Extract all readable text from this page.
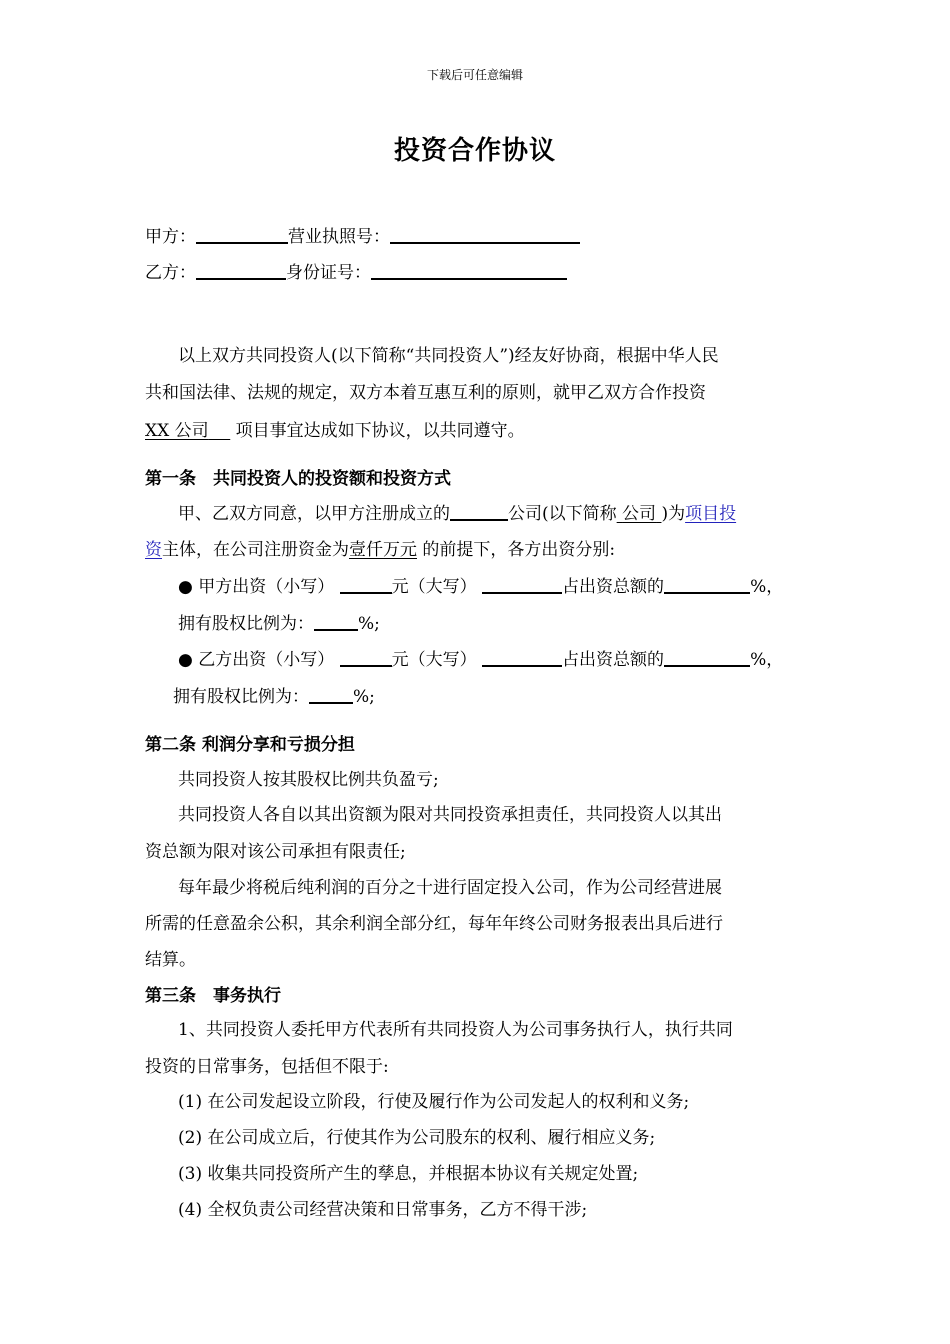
下载后可任意编辑
投资合作协议
甲方：	营业执照号：
乙方：	身份证号：
以上双方共同投资人(以下简称“共同投资人”)经友好协商，根据中华人民
共和国法律、法规的规定，双方本着互惠互利的原则，就甲乙双方合作投资
XX 公司 项目事宜达成如下协议，以共同遵守。
第一条　共同投资人的投资额和投资方式
甲、乙双方同意，以甲方注册成立的	公司(以下简称 公司 )为项目投
资主体，在公司注册资金为壹仟万元 的前提下，各方出资分别:
● 甲方出资（小写）	元（大写）	占出资总额的	%，
拥有股权比例为：	%;
● 乙方出资（小写）	元（大写）	占出资总额的	%，
拥有股权比例为：	%;
第二条 利润分享和亏损分担
共同投资人按其股权比例共负盈亏;
共同投资人各自以其出资额为限对共同投资承担责任，共同投资人以其出
资总额为限对该公司承担有限责任;
每年最少将税后纯利润的百分之十进行固定投入公司，作为公司经营进展
所需的任意盈余公积，其余利润全部分红，每年年终公司财务报表出具后进行
结算。
第三条　事务执行
1、共同投资人委托甲方代表所有共同投资人为公司事务执行人，执行共同
投资的日常事务，包括但不限于:
(1) 在公司发起设立阶段，行使及履行作为公司发起人的权利和义务;
(2) 在公司成立后，行使其作为公司股东的权利、履行相应义务;
(3) 收集共同投资所产生的孳息，并根据本协议有关规定处置;
(4) 全权负责公司经营决策和日常事务，乙方不得干涉;
